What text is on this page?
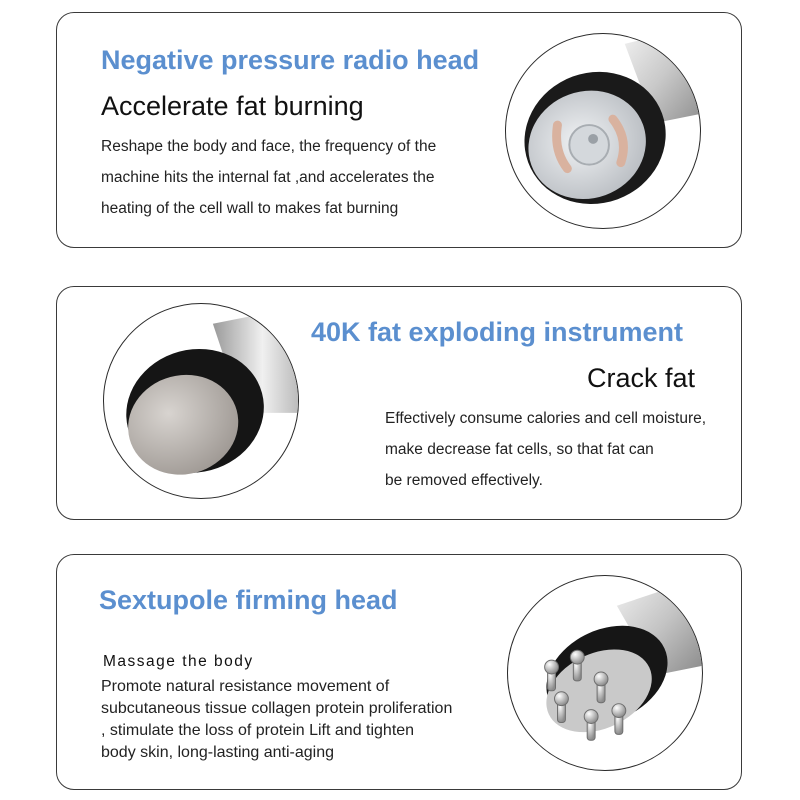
Negative pressure radio head
Accelerate fat burning
Reshape the body and face, the frequency of the
machine hits the internal fat ,and accelerates the
heating of the cell wall to makes fat burning
40K fat exploding instrument
Crack fat
Effectively consume calories and cell moisture,
make decrease fat cells, so that fat can
be removed effectively.
Sextupole firming head
Massage the body
Promote natural resistance movement of
subcutaneous tissue collagen protein proliferation
, stimulate the loss of protein Lift and tighten
body skin, long-lasting anti-aging
